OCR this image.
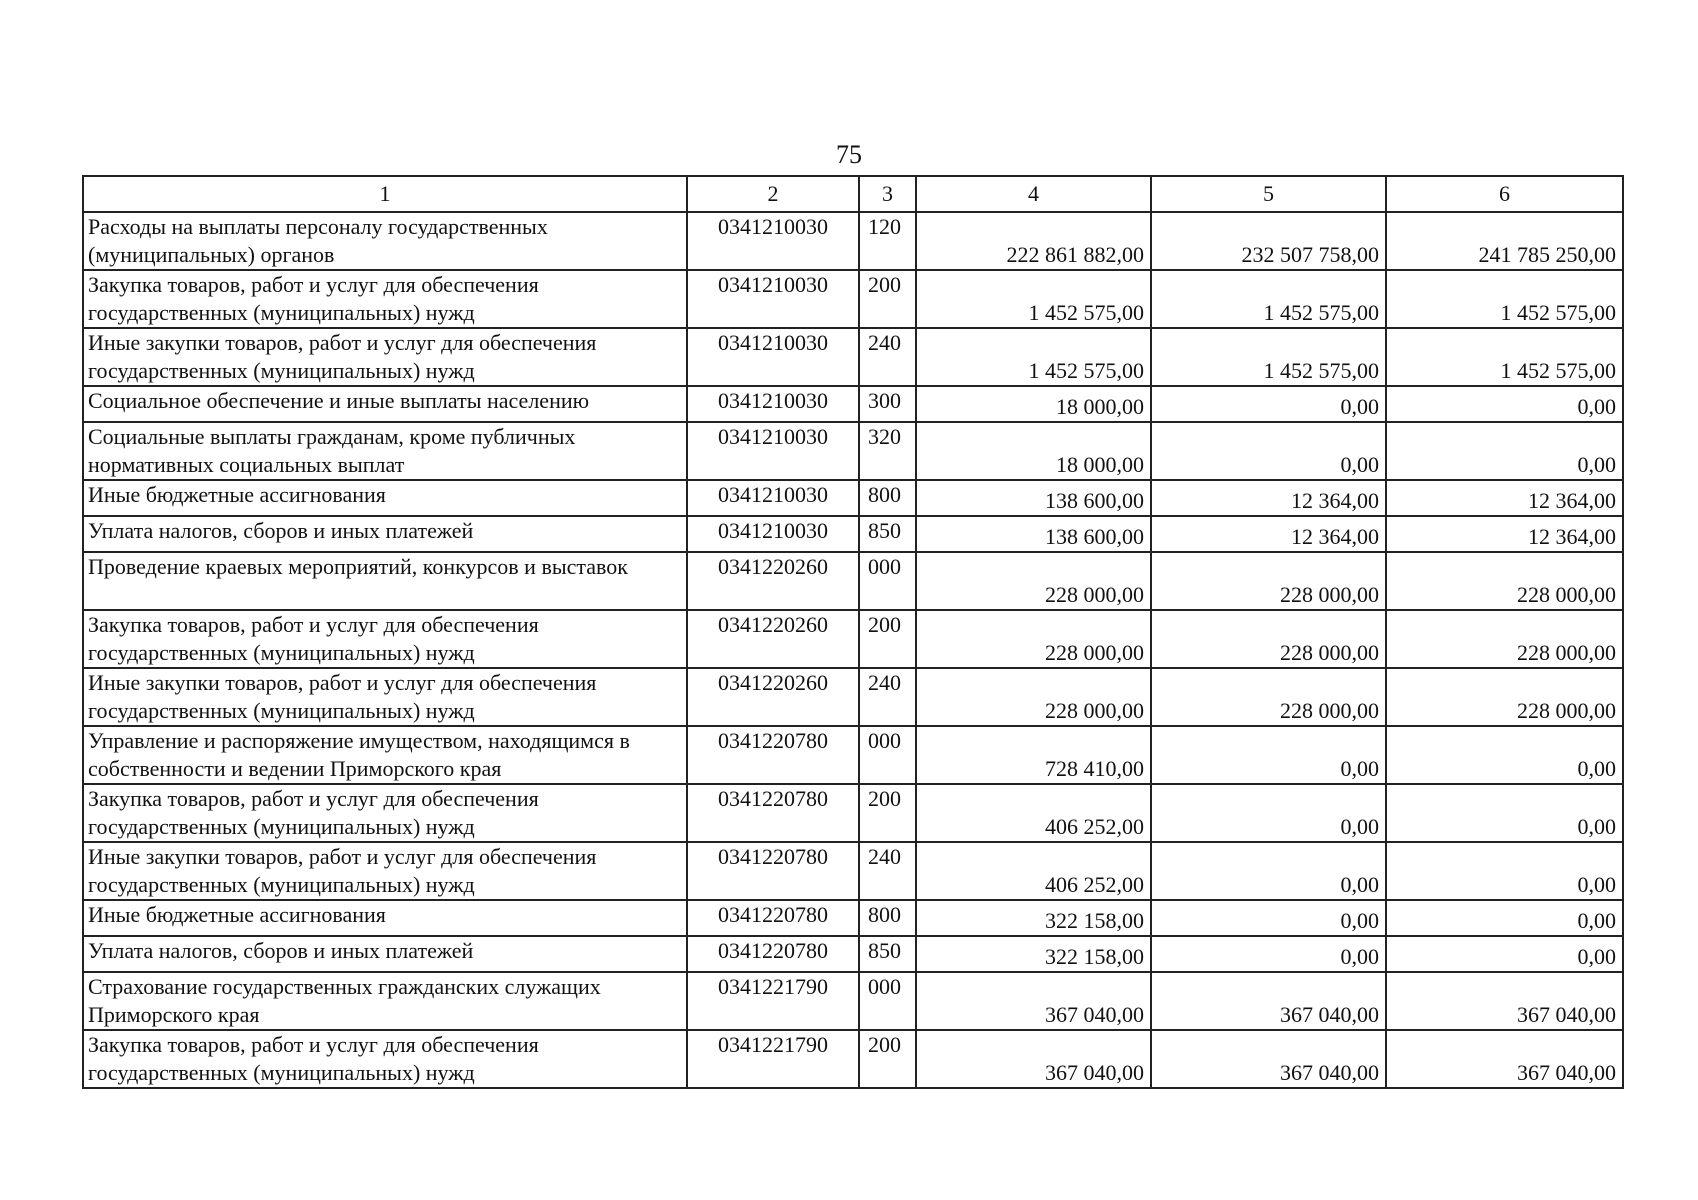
75
1	2	3	4	5	6
Расходы на выплаты персоналу государственных (муниципальных) органов	0341210030	120	222 861 882,00	232 507 758,00	241 785 250,00
Закупка товаров, работ и услуг для обеспечения государственных (муниципальных) нужд	0341210030	200	1 452 575,00	1 452 575,00	1 452 575,00
Иные закупки товаров, работ и услуг для обеспечения государственных (муниципальных) нужд	0341210030	240	1 452 575,00	1 452 575,00	1 452 575,00
Социальное обеспечение и иные выплаты населению	0341210030	300	18 000,00	0,00	0,00
Социальные выплаты гражданам, кроме публичных нормативных социальных выплат	0341210030	320	18 000,00	0,00	0,00
Иные бюджетные ассигнования	0341210030	800	138 600,00	12 364,00	12 364,00
Уплата налогов, сборов и иных платежей	0341210030	850	138 600,00	12 364,00	12 364,00
Проведение краевых мероприятий, конкурсов и выставок	0341220260	000	228 000,00	228 000,00	228 000,00
Закупка товаров, работ и услуг для обеспечения государственных (муниципальных) нужд	0341220260	200	228 000,00	228 000,00	228 000,00
Иные закупки товаров, работ и услуг для обеспечения государственных (муниципальных) нужд	0341220260	240	228 000,00	228 000,00	228 000,00
Управление и распоряжение имуществом, находящимся в собственности и ведении Приморского края	0341220780	000	728 410,00	0,00	0,00
Закупка товаров, работ и услуг для обеспечения государственных (муниципальных) нужд	0341220780	200	406 252,00	0,00	0,00
Иные закупки товаров, работ и услуг для обеспечения государственных (муниципальных) нужд	0341220780	240	406 252,00	0,00	0,00
Иные бюджетные ассигнования	0341220780	800	322 158,00	0,00	0,00
Уплата налогов, сборов и иных платежей	0341220780	850	322 158,00	0,00	0,00
Страхование государственных гражданских служащих Приморского края	0341221790	000	367 040,00	367 040,00	367 040,00
Закупка товаров, работ и услуг для обеспечения государственных (муниципальных) нужд	0341221790	200	367 040,00	367 040,00	367 040,00
